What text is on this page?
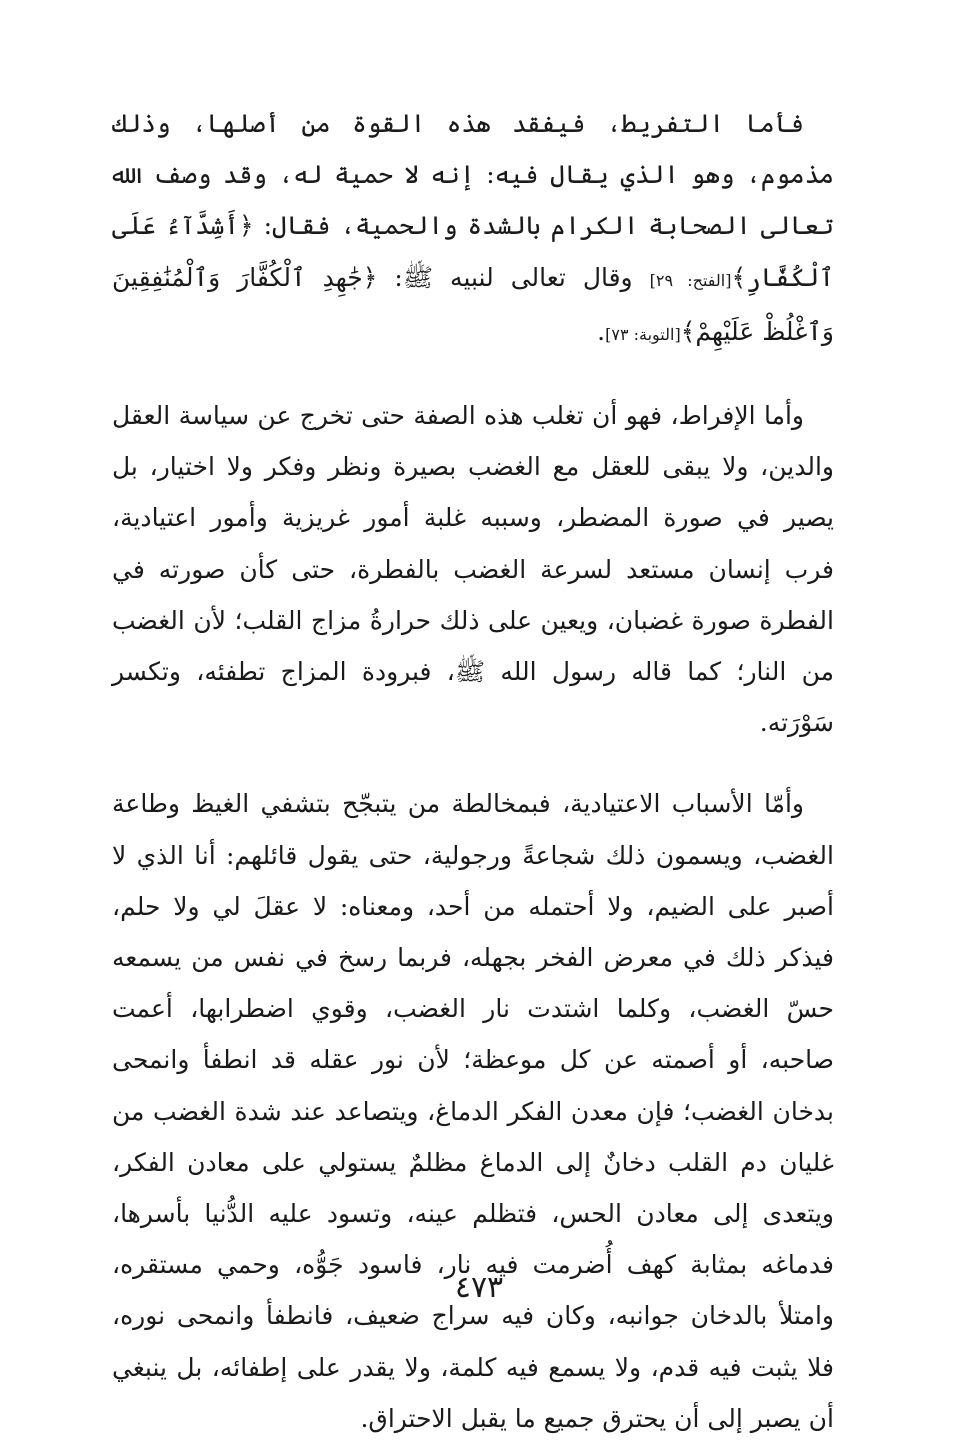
فأما التفريط، فيفقد هذه القوة من أصلها، وذلك مذموم، وهو الذي يقال فيه: إنه لا حمية له، وقد وصف الله تعالى الصحابة الكرام بالشدة والحمية، فقال: ﴿أَشِدَّآءُ عَلَى ٱلْكُفَّارِ﴾[الفتح: ٢٩] وقال تعالى لنبيه ﷺ: ﴿جَٰهِدِ ٱلْكُفَّارَ وَٱلْمُنَٰفِقِينَ وَٱغْلُظْ عَلَيْهِمْ﴾[التوبة: ٧٣].

وأما الإفراط، فهو أن تغلب هذه الصفة حتى تخرج عن سياسة العقل والدين، ولا يبقى للعقل مع الغضب بصيرة ونظر وفكر ولا اختيار، بل يصير في صورة المضطر، وسببه غلبة أمور غريزية وأمور اعتيادية، فرب إنسان مستعد لسرعة الغضب بالفطرة، حتى كأن صورته في الفطرة صورة غضبان، ويعين على ذلك حرارةُ مزاج القلب؛ لأن الغضب من النار؛ كما قاله رسول الله ﷺ، فبرودة المزاج تطفئه، وتكسر سَوْرَته.

وأمّا الأسباب الاعتيادية، فبمخالطة من يتبجّح بتشفي الغيظ وطاعة الغضب، ويسمون ذلك شجاعةً ورجولية، حتى يقول قائلهم: أنا الذي لا أصبر على الضيم، ولا أحتمله من أحد، ومعناه: لا عقلَ لي ولا حلم، فيذكر ذلك في معرض الفخر بجهله، فربما رسخ في نفس من يسمعه حسّ الغضب، وكلما اشتدت نار الغضب، وقوي اضطرابها، أعمت صاحبه، أو أصمته عن كل موعظة؛ لأن نور عقله قد انطفأ وانمحى بدخان الغضب؛ فإن معدن الفكر الدماغ، ويتصاعد عند شدة الغضب من غليان دم القلب دخانٌ إلى الدماغ مظلمٌ يستولي على معادن الفكر، ويتعدى إلى معادن الحس، فتظلم عينه، وتسود عليه الدُّنيا بأسرها، فدماغه بمثابة كهف أُضرمت فيه نار، فاسود جَوُّه، وحمي مستقره، وامتلأ بالدخان جوانبه، وكان فيه سراج ضعيف، فانطفأ وانمحى نوره، فلا يثبت فيه قدم، ولا يسمع فيه كلمة، ولا يقدر على إطفائه، بل ينبغي أن يصبر إلى أن يحترق جميع ما يقبل الاحتراق.

٤٧٣
